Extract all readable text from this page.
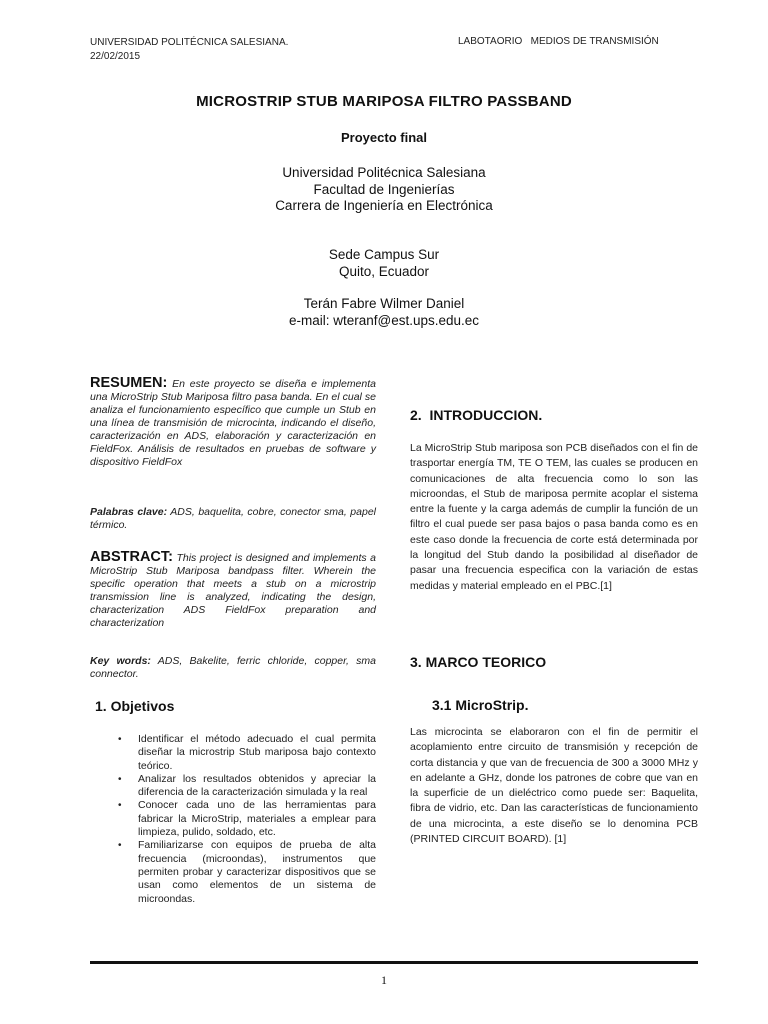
UNIVERSIDAD POLITÉCNICA SALESIANA.
22/02/2015
LABOTAORIO   MEDIOS DE TRANSMISIÓN
MICROSTRIP STUB MARIPOSA FILTRO PASSBAND
Proyecto final
Universidad Politécnica Salesiana
Facultad de Ingenierías
Carrera de Ingeniería en Electrónica
Sede Campus Sur
Quito, Ecuador
Terán Fabre Wilmer Daniel
e-mail: wteranf@est.ups.edu.ec
RESUMEN: En este proyecto se diseña e implementa una MicroStrip Stub Mariposa filtro pasa banda. En el cual se analiza el funcionamiento específico que cumple un Stub en una línea de transmisión de microcinta, indicando el diseño, caracterización en ADS, elaboración y caracterización en FieldFox. Análisis de resultados en pruebas de software y dispositivo FieldFox
Palabras clave: ADS, baquelita, cobre, conector sma, papel térmico.
ABSTRACT: This project is designed and implements a MicroStrip Stub Mariposa bandpass filter. Wherein the specific operation that meets a stub on a microstrip transmission line is analyzed, indicating the design, characterization ADS FieldFox preparation and characterization
Key words: ADS, Bakelite, ferric chloride, copper, sma connector.
1. Objetivos
• Identificar el método adecuado el cual permita diseñar la microstrip Stub mariposa bajo contexto teórico.
• Analizar los resultados obtenidos y apreciar la diferencia de la caracterización simulada y la real
• Conocer cada uno de las herramientas para fabricar la MicroStrip, materiales a emplear para limpieza, pulido, soldado, etc.
• Familiarizarse con equipos de prueba de alta frecuencia (microondas), instrumentos que permiten probar y caracterizar dispositivos que se usan como elementos de un sistema de microondas.
2.  INTRODUCCION.
La MicroStrip Stub mariposa son PCB diseñados con el fin de trasportar energía TM, TE O TEM, las cuales se producen en comunicaciones de alta frecuencia como lo son las microondas, el Stub de mariposa permite acoplar el sistema entre la fuente y la carga además de cumplir la función de un filtro el cual puede ser pasa bajos o pasa banda como es en este caso donde la frecuencia de corte está determinada por la longitud del Stub dando la posibilidad al diseñador de pasar una frecuencia especifica con la variación de estas medidas y material empleado en el PBC.[1]
3. MARCO TEORICO
3.1 MicroStrip.
Las microcinta se elaboraron con el fin de permitir el acoplamiento entre circuito de transmisión y recepción de corta distancia y que van de frecuencia de 300 a 3000 MHz y en adelante a GHz, donde los patrones de cobre que van en la superficie de un dieléctrico como puede ser: Baquelita, fibra de vidrio, etc. Dan las características de funcionamiento de una microcinta, a este diseño se lo denomina PCB (PRINTED CIRCUIT BOARD). [1]
1
